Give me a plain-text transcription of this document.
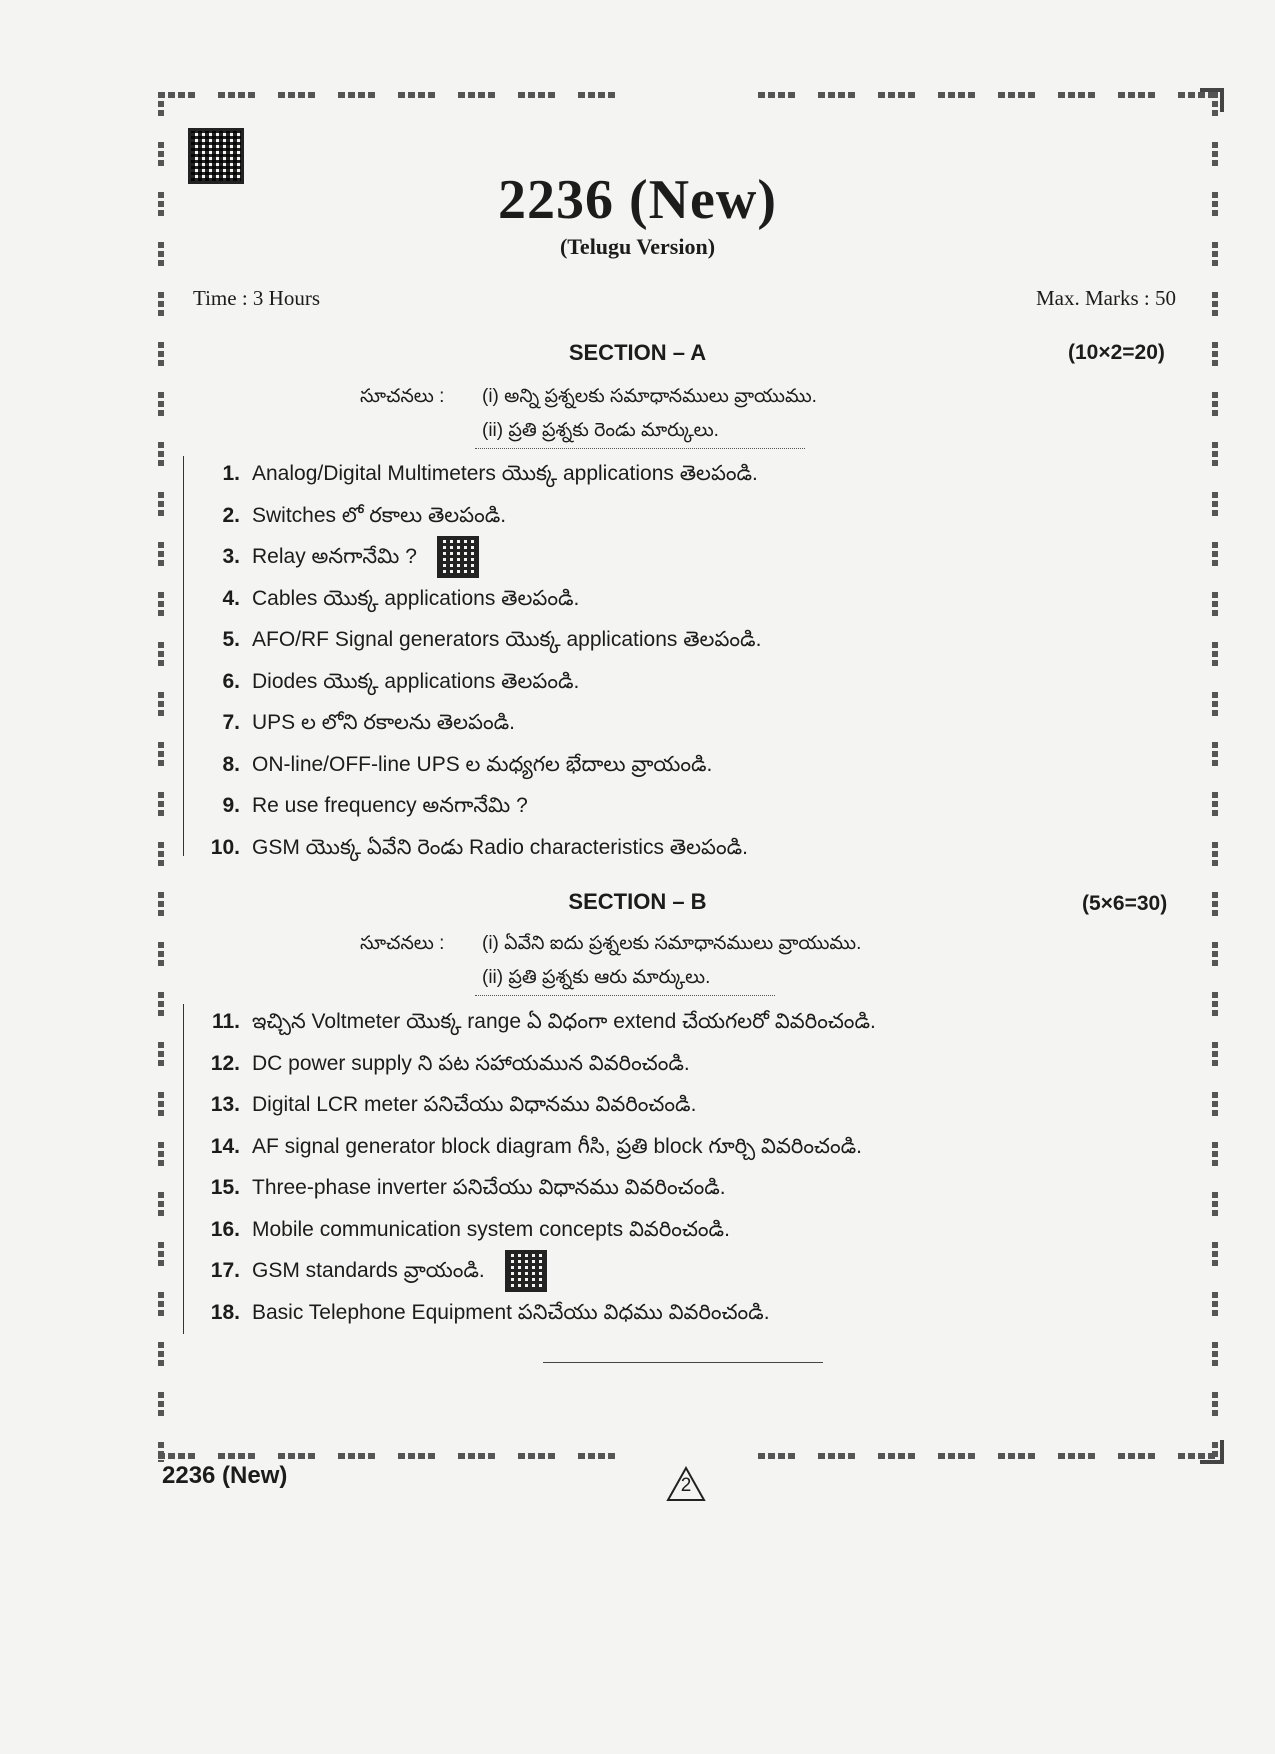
2236 (New)
(Telugu Version)
Time : 3 Hours	Max. Marks : 50
SECTION – A	(10×2=20)
సూచనలు : (i) అన్ని ప్రశ్నలకు సమాధానములు వ్రాయుము.
(ii) ప్రతి ప్రశ్నకు రెండు మార్కులు.
1. Analog/Digital Multimeters యొక్క applications తెలపండి.
2. Switches లో రకాలు తెలపండి.
3. Relay అనగానేమి ?
4. Cables యొక్క applications తెలపండి.
5. AFO/RF Signal generators యొక్క applications తెలపండి.
6. Diodes యొక్క applications తెలపండి.
7. UPS ల లోని రకాలను తెలపండి.
8. ON-line/OFF-line UPS ల మధ్యగల భేదాలు వ్రాయండి.
9. Re use frequency అనగానేమి ?
10. GSM యొక్క ఏవేని రెండు Radio characteristics తెలపండి.
SECTION – B	(5×6=30)
సూచనలు : (i) ఏవేని ఐదు ప్రశ్నలకు సమాధానములు వ్రాయుము.
(ii) ప్రతి ప్రశ్నకు ఆరు మార్కులు.
11. ఇచ్చిన Voltmeter యొక్క range ఏ విధంగా extend చేయగలరో వివరించండి.
12. DC power supply ని పట సహాయమున వివరించండి.
13. Digital LCR meter పనిచేయు విధానము వివరించండి.
14. AF signal generator block diagram గీసి, ప్రతి block గూర్చి వివరించండి.
15. Three-phase inverter పనిచేయు విధానము వివరించండి.
16. Mobile communication system concepts వివరించండి.
17. GSM standards వ్రాయండి.
18. Basic Telephone Equipment పనిచేయు విధము వివరించండి.
2236 (New)	2
